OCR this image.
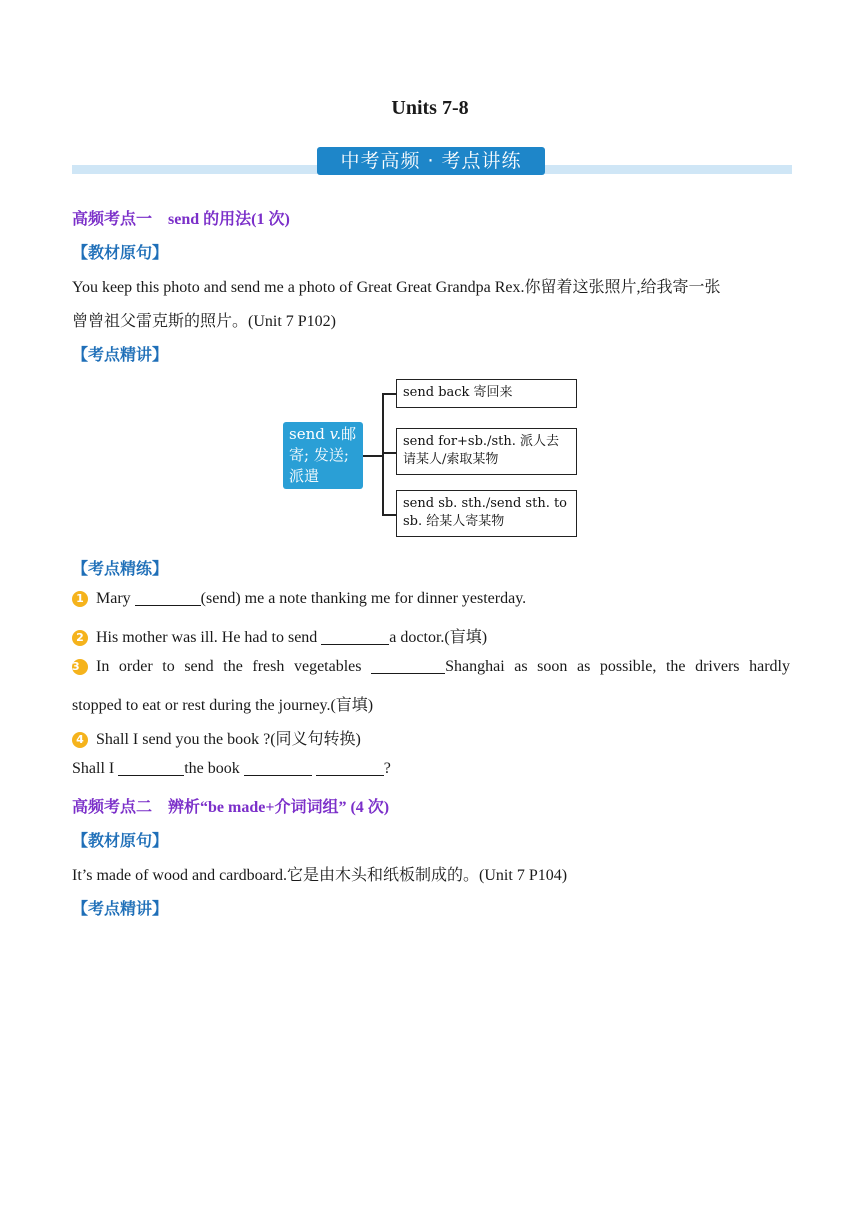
Units 7-8
中考高频 · 考点讲练
高频考点一　send 的用法(1 次)
【教材原句】
You keep this photo and send me a photo of Great Great Grandpa Rex.你留着这张照片,给我寄一张
曾曾祖父雷克斯的照片。(Unit 7 P102)
【考点精讲】
send v.邮寄; 发送; 派遣
send back 寄回来
send for+sb./sth. 派人去请某人/索取某物
send sb. sth./send sth. to sb. 给某人寄某物
【考点精练】
1 Mary	(send) me a note thanking me for dinner yesterday.
2 His mother was ill. He had to send	a doctor.(盲填)
3 In order to send the fresh vegetables	Shanghai as soon as possible, the drivers hardly
stopped to eat or rest during the journey.(盲填)
4 Shall I send you the book ?(同义句转换)
Shall I	the book	?
高频考点二　辨析“be made+介词词组” (4 次)
【教材原句】
It’s made of wood and cardboard.它是由木头和纸板制成的。(Unit 7 P104)
【考点精讲】
